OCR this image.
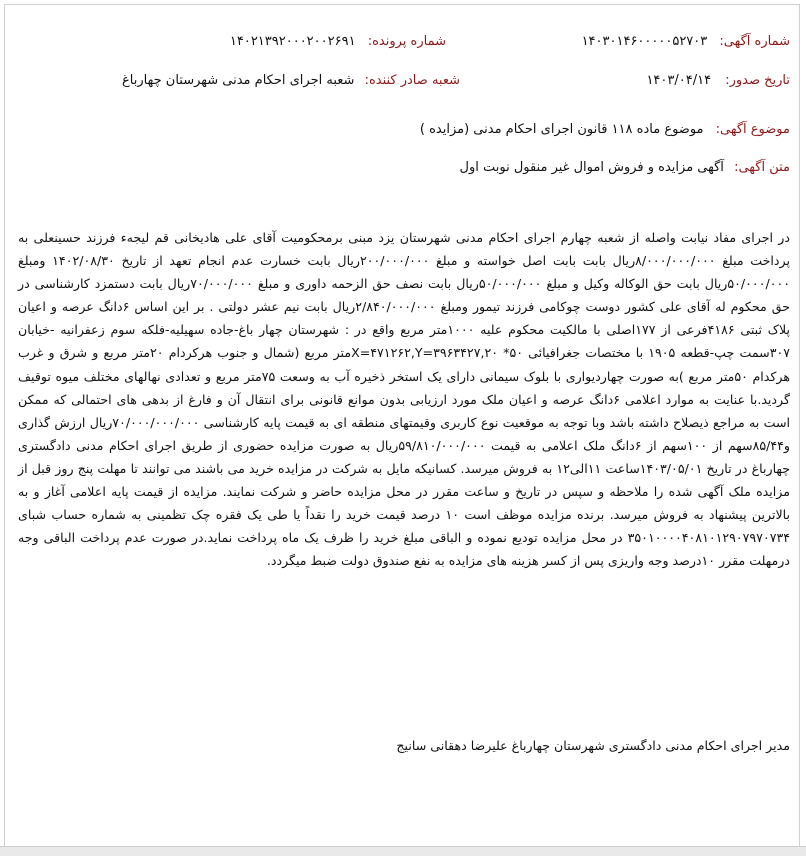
شماره آگهی: ۱۴۰۳۰۱۴۶۰۰۰۰۰۵۲۷۰۳
شماره پرونده: ۱۴۰۲۱۳۹۲۰۰۰۲۰۰۲۶۹۱
تاریخ صدور: ۱۴۰۳/۰۴/۱۴
شعبه صادر کننده: شعبه اجرای احکام مدنی شهرستان چهارباغ
موضوع آگهی: موضوع ماده ۱۱۸ قانون اجرای احکام مدنی (مزایده )
متن آگهی: آگهی مزایده و فروش اموال غیر منقول نوبت اول

در اجرای مفاد نیابت واصله از شعبه چهارم اجرای احکام مدنی شهرستان یزد مبنی برمحکومیت آقای علی هادیخانی قم لیجهء فرزند حسینعلی به پرداخت مبلغ ۸/۰۰۰/۰۰۰/۰۰۰ریال بابت بابت اصل خواسته و مبلغ ۲۰۰/۰۰۰/۰۰۰ریال بابت خسارت عدم انجام تعهد از تاریخ ۱۴۰۲/۰۸/۳۰ ومبلغ ۵۰/۰۰۰/۰۰۰ریال بابت حق الوکاله وکیل و مبلغ ۵۰/۰۰۰/۰۰۰ریال بابت نصف حق الزحمه داوری و مبلغ ۷۰/۰۰۰/۰۰۰ریال بابت دستمزد کارشناسی در حق محکوم له آقای علی کشور دوست چوکامی فرزند تیمور ومبلغ ۲/۸۴۰/۰۰۰/۰۰۰ریال بابت نیم عشر دولتی . بر این اساس ۶دانگ عرصه و اعیان پلاک ثبتی ۴۱۸۶فرعی از ۱۷۷اصلی با مالکیت محکوم علیه ۱۰۰۰متر مربع واقع در : شهرستان چهار باغ-جاده سهیلیه-فلکه سوم زعفرانیه -خیابان ۳۰۷سمت چپ-قطعه ۱۹۰۵ با مختصات جغرافیائی ۵۰* X=۴۷۱۲۶۲,Y=۳۹۶۳۴۲۷,۲۰متر مربع (شمال و جنوب هرکردام ۲۰متر مربع و شرق و غرب هرکدام ۵۰متر مربع )به صورت چهاردیواری با بلوک سیمانی دارای یک استخر ذخیره آب به وسعت ۷۵متر مربع و تعدادی نهالهای مختلف میوه توقیف گردید.با عنایت به موارد اعلامی ۶دانگ عرصه و اعیان ملک مورد ارزیابی بدون موانع قانونی برای انتقال آن و فارغ از بدهی های احتمالی که ممکن است به مراجع ذیصلاح داشته باشد وبا توجه به موقعیت نوع کاربری وقیمتهای منطقه ای به قیمت پایه کارشناسی ۷۰/۰۰۰/۰۰۰/۰۰۰ریال ارزش گذاری و۸۵/۴۴سهم از ۱۰۰سهم از ۶دانگ ملک اعلامی به قیمت ۵۹/۸۱۰/۰۰۰/۰۰۰ریال به صورت مزایده حضوری از طریق اجرای احکام مدنی دادگستری چهارباغ در تاریخ ۱۴۰۳/۰۵/۰۱ساعت ۱۱الی۱۲ به فروش میرسد. کسانیکه مایل به شرکت در مزایده خرید می باشند می توانند تا مهلت پنج روز قبل از مزایده ملک آگهی شده را ملاحظه و سپس در تاریخ و ساعت مقرر در محل مزایده حاضر و شرکت نمایند. مزایده از قیمت پایه اعلامی آغاز و به بالاترین پیشنهاد به فروش میرسد. برنده مزایده موظف است ۱۰ درصد قیمت خرید را نقداً یا طی یک فقره چک تظمینی به شماره حساب شبای ۳۵۰۱۰۰۰۰۴۰۸۱۰۱۲۹۰۷۹۷۰۷۳۴ در محل مزایده تودیع نموده و الباقی مبلغ خرید را ظرف یک ماه پرداخت نماید.در صورت عدم پرداخت الباقی وجه درمهلت مقرر ۱۰درصد وجه واریزی پس از کسر هزینه های مزایده به نفع صندوق دولت ضبط میگردد.

مدیر اجرای احکام مدنی دادگستری شهرستان چهارباغ علیرضا دهقانی سانیج
